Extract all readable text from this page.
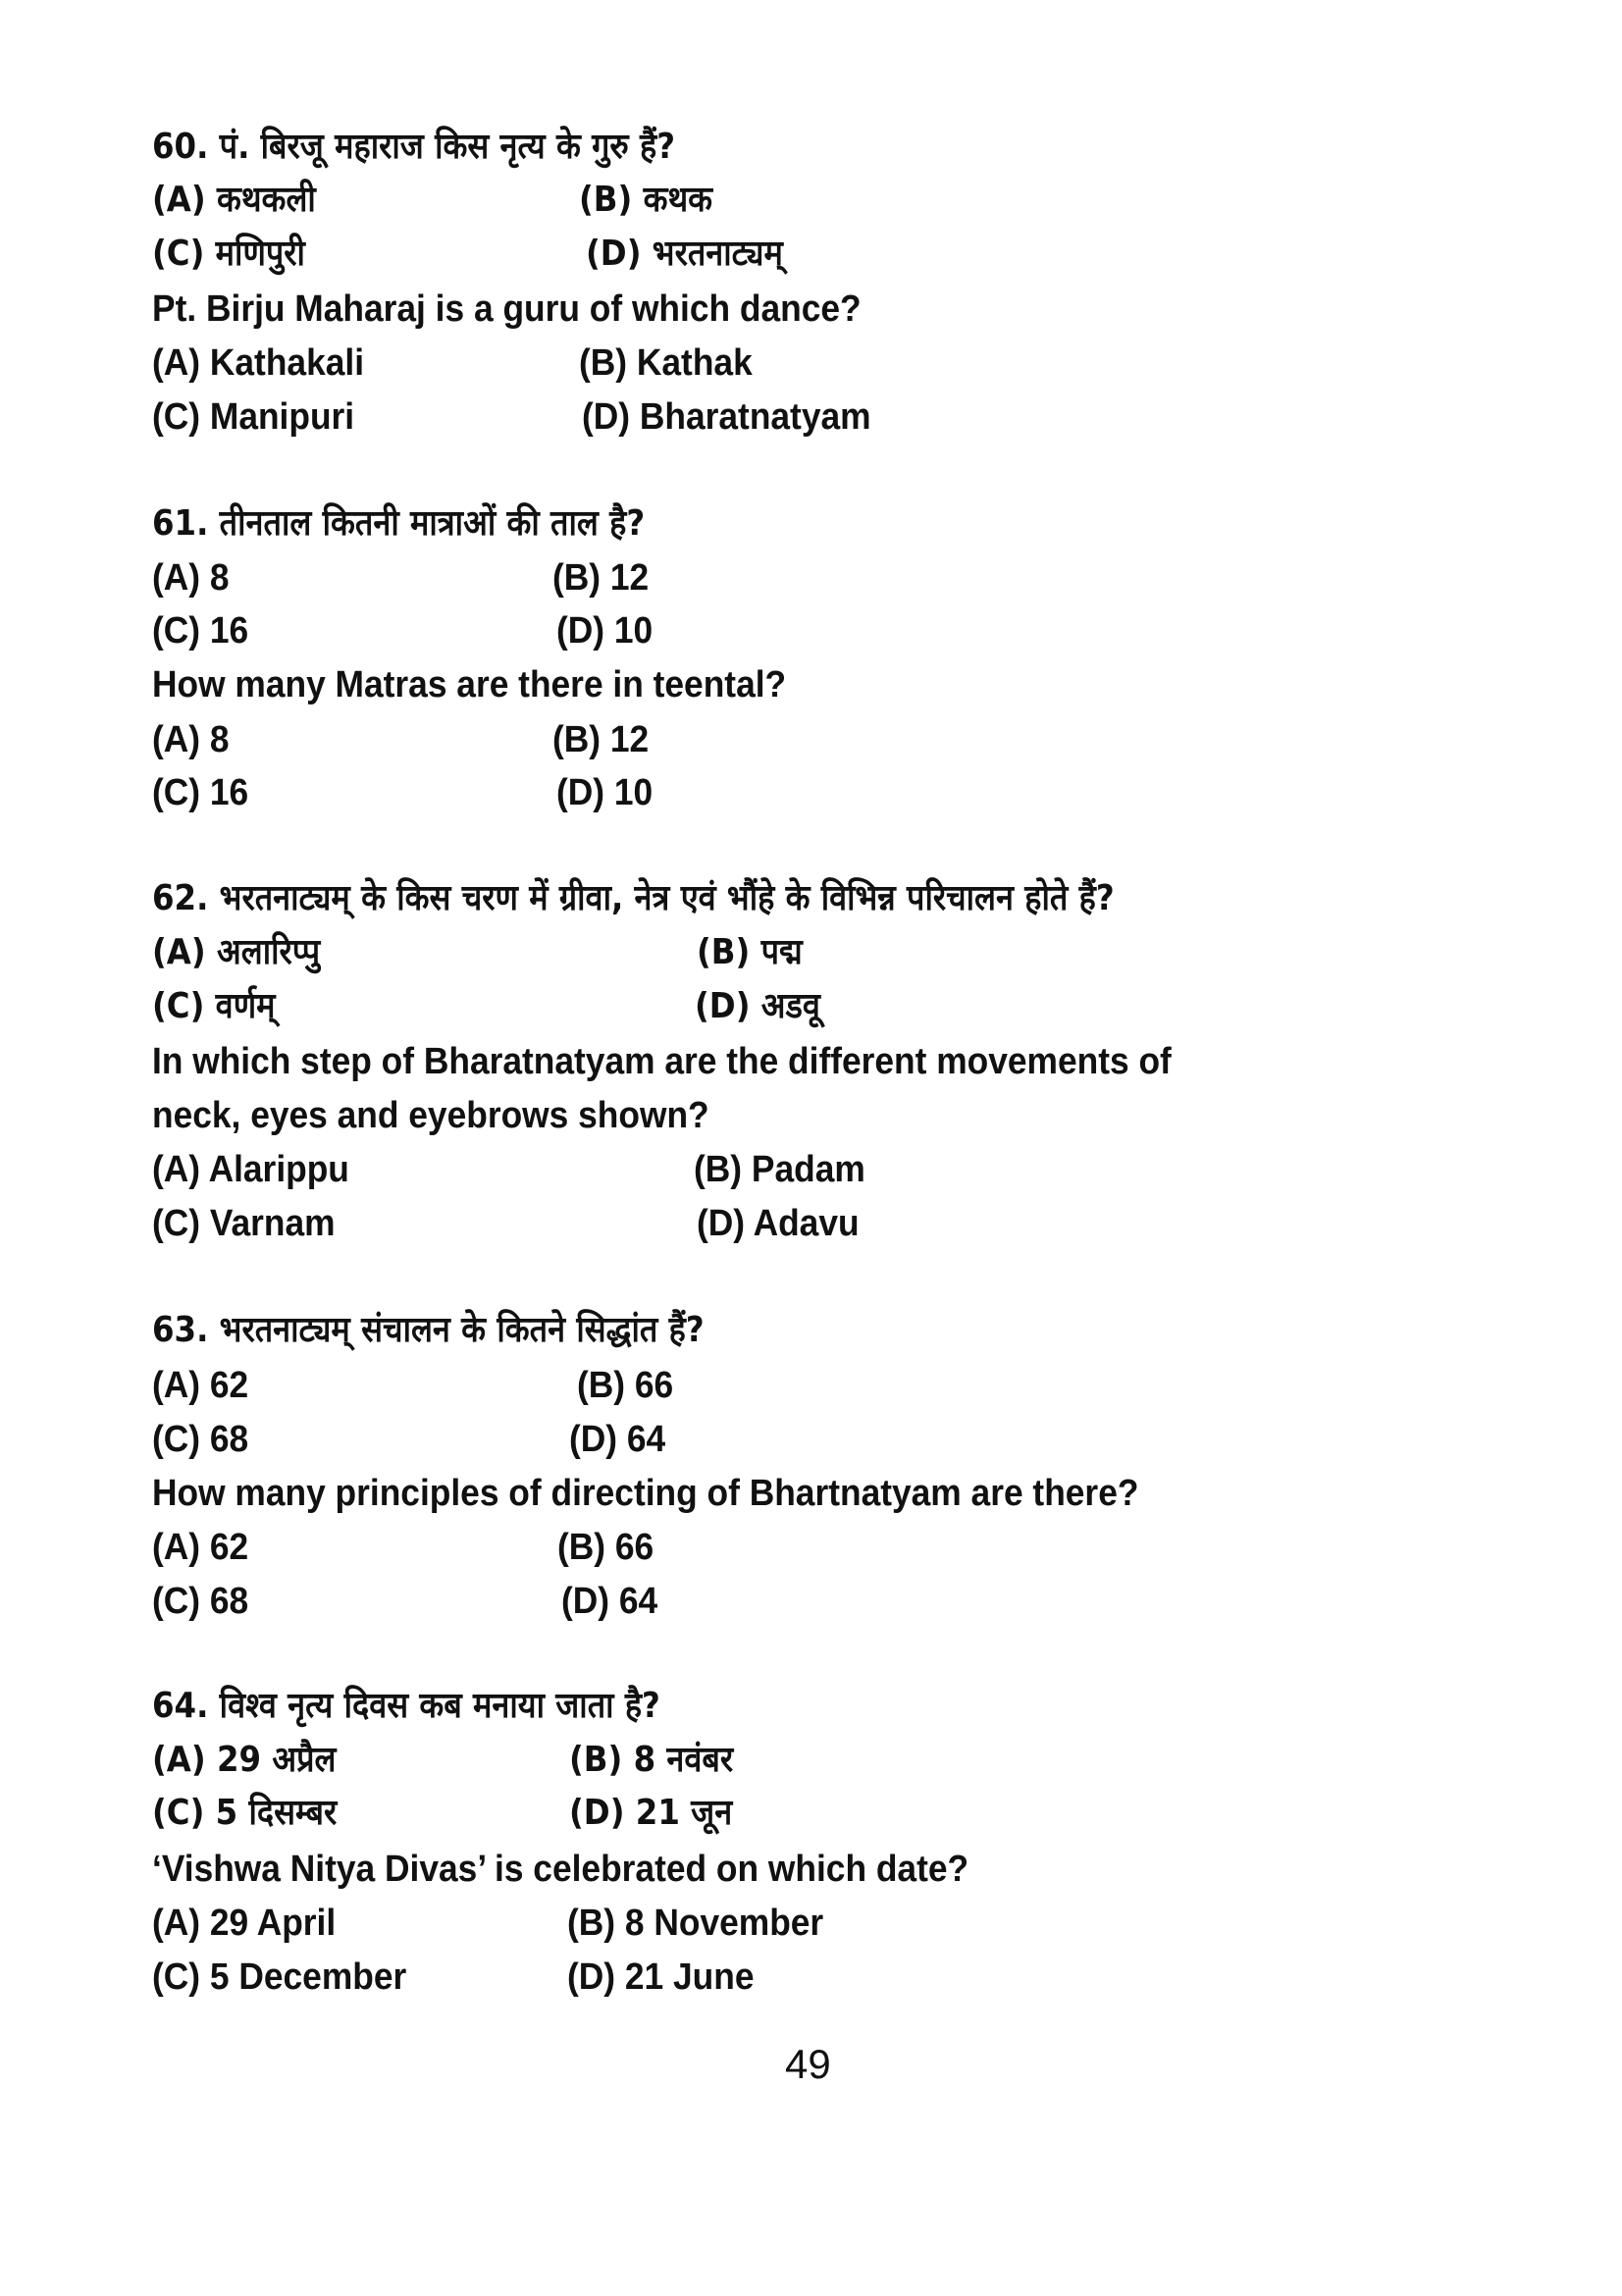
60. पं. बिरजू महाराज किस नृत्य के गुरु हैं?
(A) कथकली	(B) कथक
(C) मणिपुरी	(D) भरतनाट्यम्
Pt. Birju Maharaj is a guru of which dance?
(A) Kathakali	(B) Kathak
(C) Manipuri	(D) Bharatnatyam
61. तीनताल कितनी मात्राओं की ताल है?
(A) 8	(B) 12
(C) 16	(D) 10
How many Matras are there in teental?
(A) 8	(B) 12
(C) 16	(D) 10
62. भरतनाट्यम् के किस चरण में ग्रीवा, नेत्र एवं भौंहे के विभिन्न परिचालन होते हैं?
(A) अलारिप्पु	(B) पद्म
(C) वर्णम्	(D) अडवू
In which step of Bharatnatyam are the different movements of
neck, eyes and eyebrows shown?
(A) Alarippu	(B) Padam
(C) Varnam	(D) Adavu
63. भरतनाट्यम् संचालन के कितने सिद्धांत हैं?
(A) 62	(B) 66
(C) 68	(D) 64
How many principles of directing of Bhartnatyam are there?
(A) 62	(B) 66
(C) 68	(D) 64
64. विश्व नृत्य दिवस कब मनाया जाता है?
(A) 29 अप्रैल	(B) 8 नवंबर
(C) 5 दिसम्बर	(D) 21 जून
‘Vishwa Nitya Divas’ is celebrated on which date?
(A) 29 April	(B) 8 November
(C) 5 December	(D) 21 June
49
